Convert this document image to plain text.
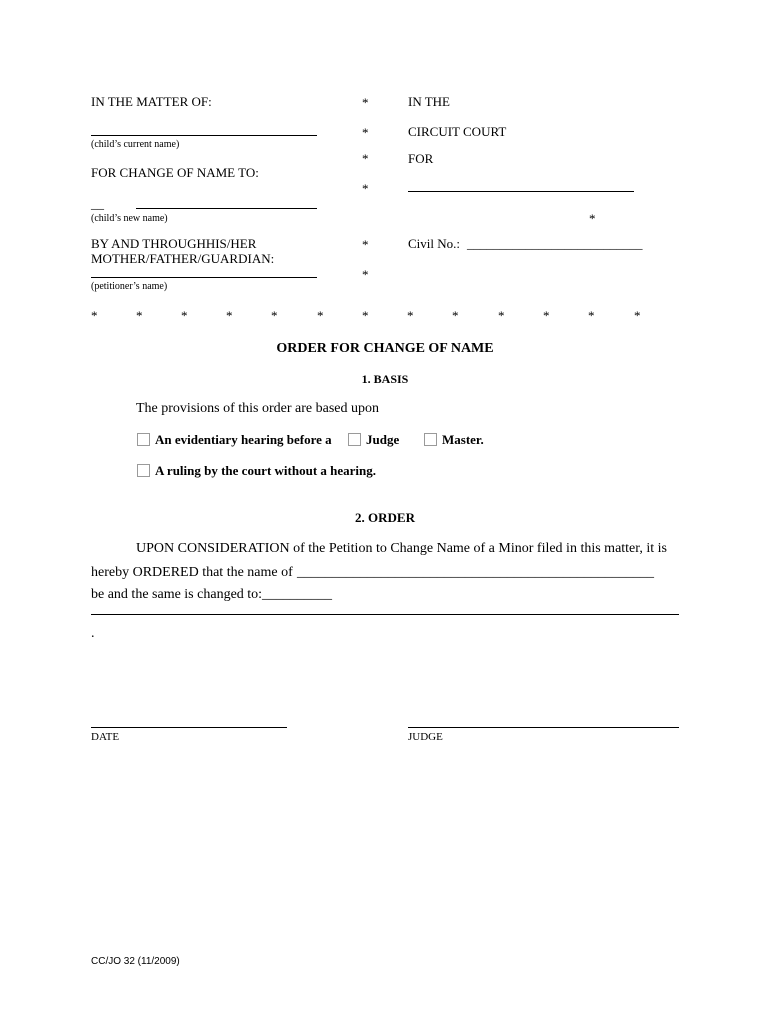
IN THE MATTER OF:
(child’s current name)
FOR CHANGE OF NAME TO:
__
(child’s new name)
BY AND THROUGHHIS/HER
MOTHER/FATHER/GUARDIAN:
(petitioner’s name)
*
*
*
*
*
*
*
IN THE
CIRCUIT COURT
FOR
Civil No.: ___________________________
*	*	*	*	*	*	*	*	*	*	*	*	*
ORDER FOR CHANGE OF NAME
1. BASIS
The provisions of this order are based upon
An evidentiary hearing before a	Judge	Master.
A ruling by the court without a hearing.
2. ORDER
UPON CONSIDERATION of the Petition to Change Name of a Minor filed in this matter, it is
hereby ORDERED that the name of ___________________________________________________
be and the same is changed to: __________
.
DATE	JUDGE
CC/JO 32 (11/2009)
